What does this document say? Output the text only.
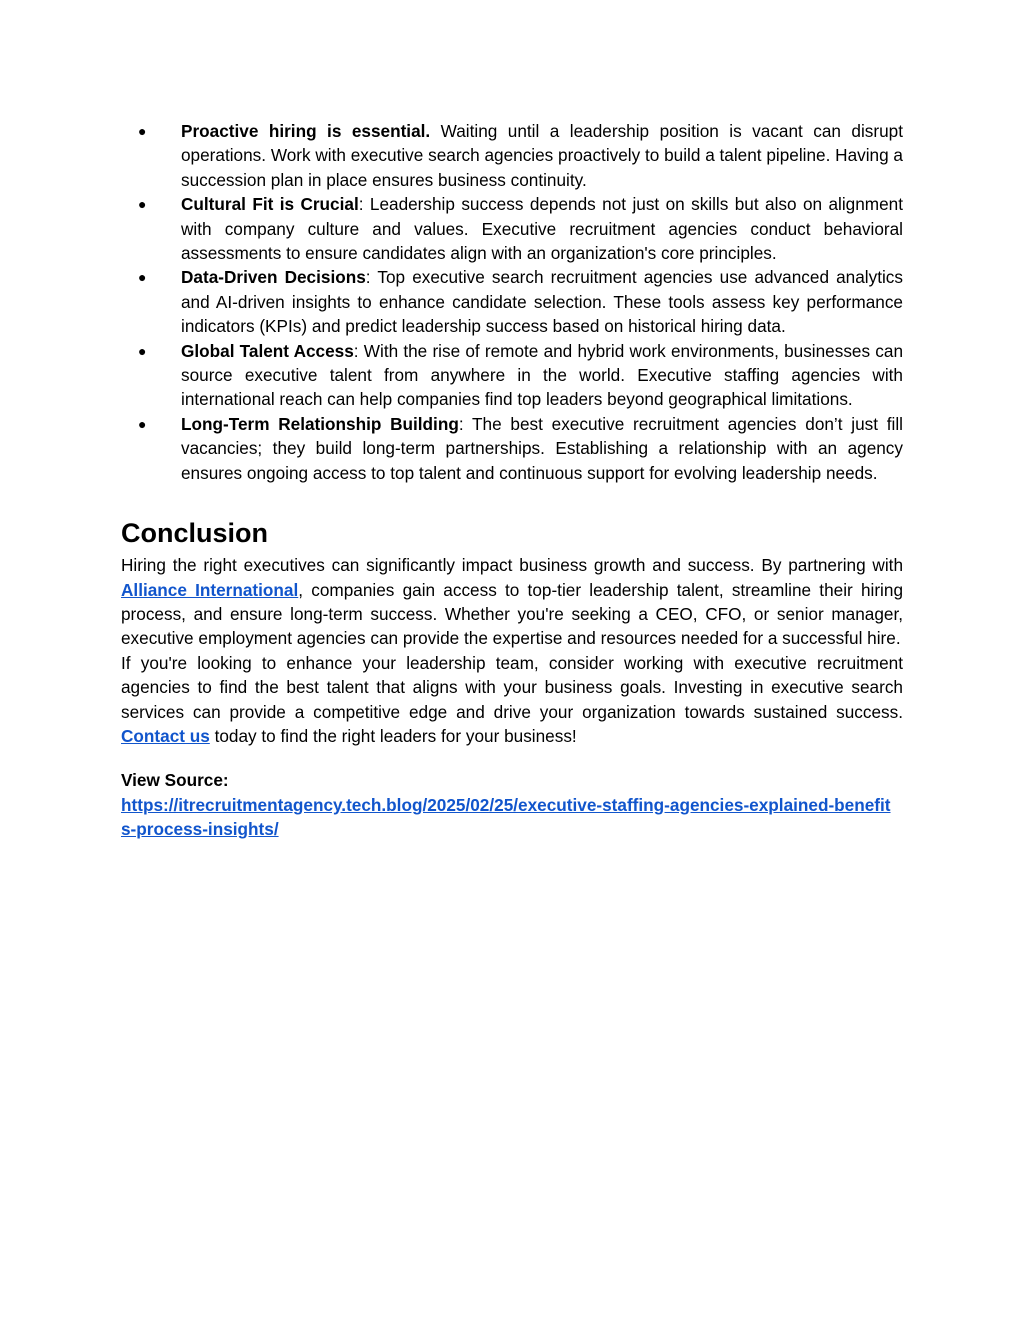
●	Proactive hiring is essential. Waiting until a leadership position is vacant can disrupt operations. Work with executive search agencies proactively to build a talent pipeline. Having a succession plan in place ensures business continuity.
●	Cultural Fit is Crucial: Leadership success depends not just on skills but also on alignment with company culture and values. Executive recruitment agencies conduct behavioral assessments to ensure candidates align with an organization's core principles.
●	Data-Driven Decisions: Top executive search recruitment agencies use advanced analytics and AI-driven insights to enhance candidate selection. These tools assess key performance indicators (KPIs) and predict leadership success based on historical hiring data.
●	Global Talent Access: With the rise of remote and hybrid work environments, businesses can source executive talent from anywhere in the world. Executive staffing agencies with international reach can help companies find top leaders beyond geographical limitations.
●	Long-Term Relationship Building: The best executive recruitment agencies don’t just fill vacancies; they build long-term partnerships. Establishing a relationship with an agency ensures ongoing access to top talent and continuous support for evolving leadership needs.
Conclusion

Hiring the right executives can significantly impact business growth and success. By partnering with Alliance International, companies gain access to top-tier leadership talent, streamline their hiring process, and ensure long-term success. Whether you're seeking a CEO, CFO, or senior manager, executive employment agencies can provide the expertise and resources needed for a successful hire.

If you're looking to enhance your leadership team, consider working with executive recruitment agencies to find the best talent that aligns with your business goals. Investing in executive search services can provide a competitive edge and drive your organization towards sustained success. Contact us today to find the right leaders for your business!

View Source:
https://itrecruitmentagency.tech.blog/2025/02/25/executive-staffing-agencies-explained-benefits-process-insights/
